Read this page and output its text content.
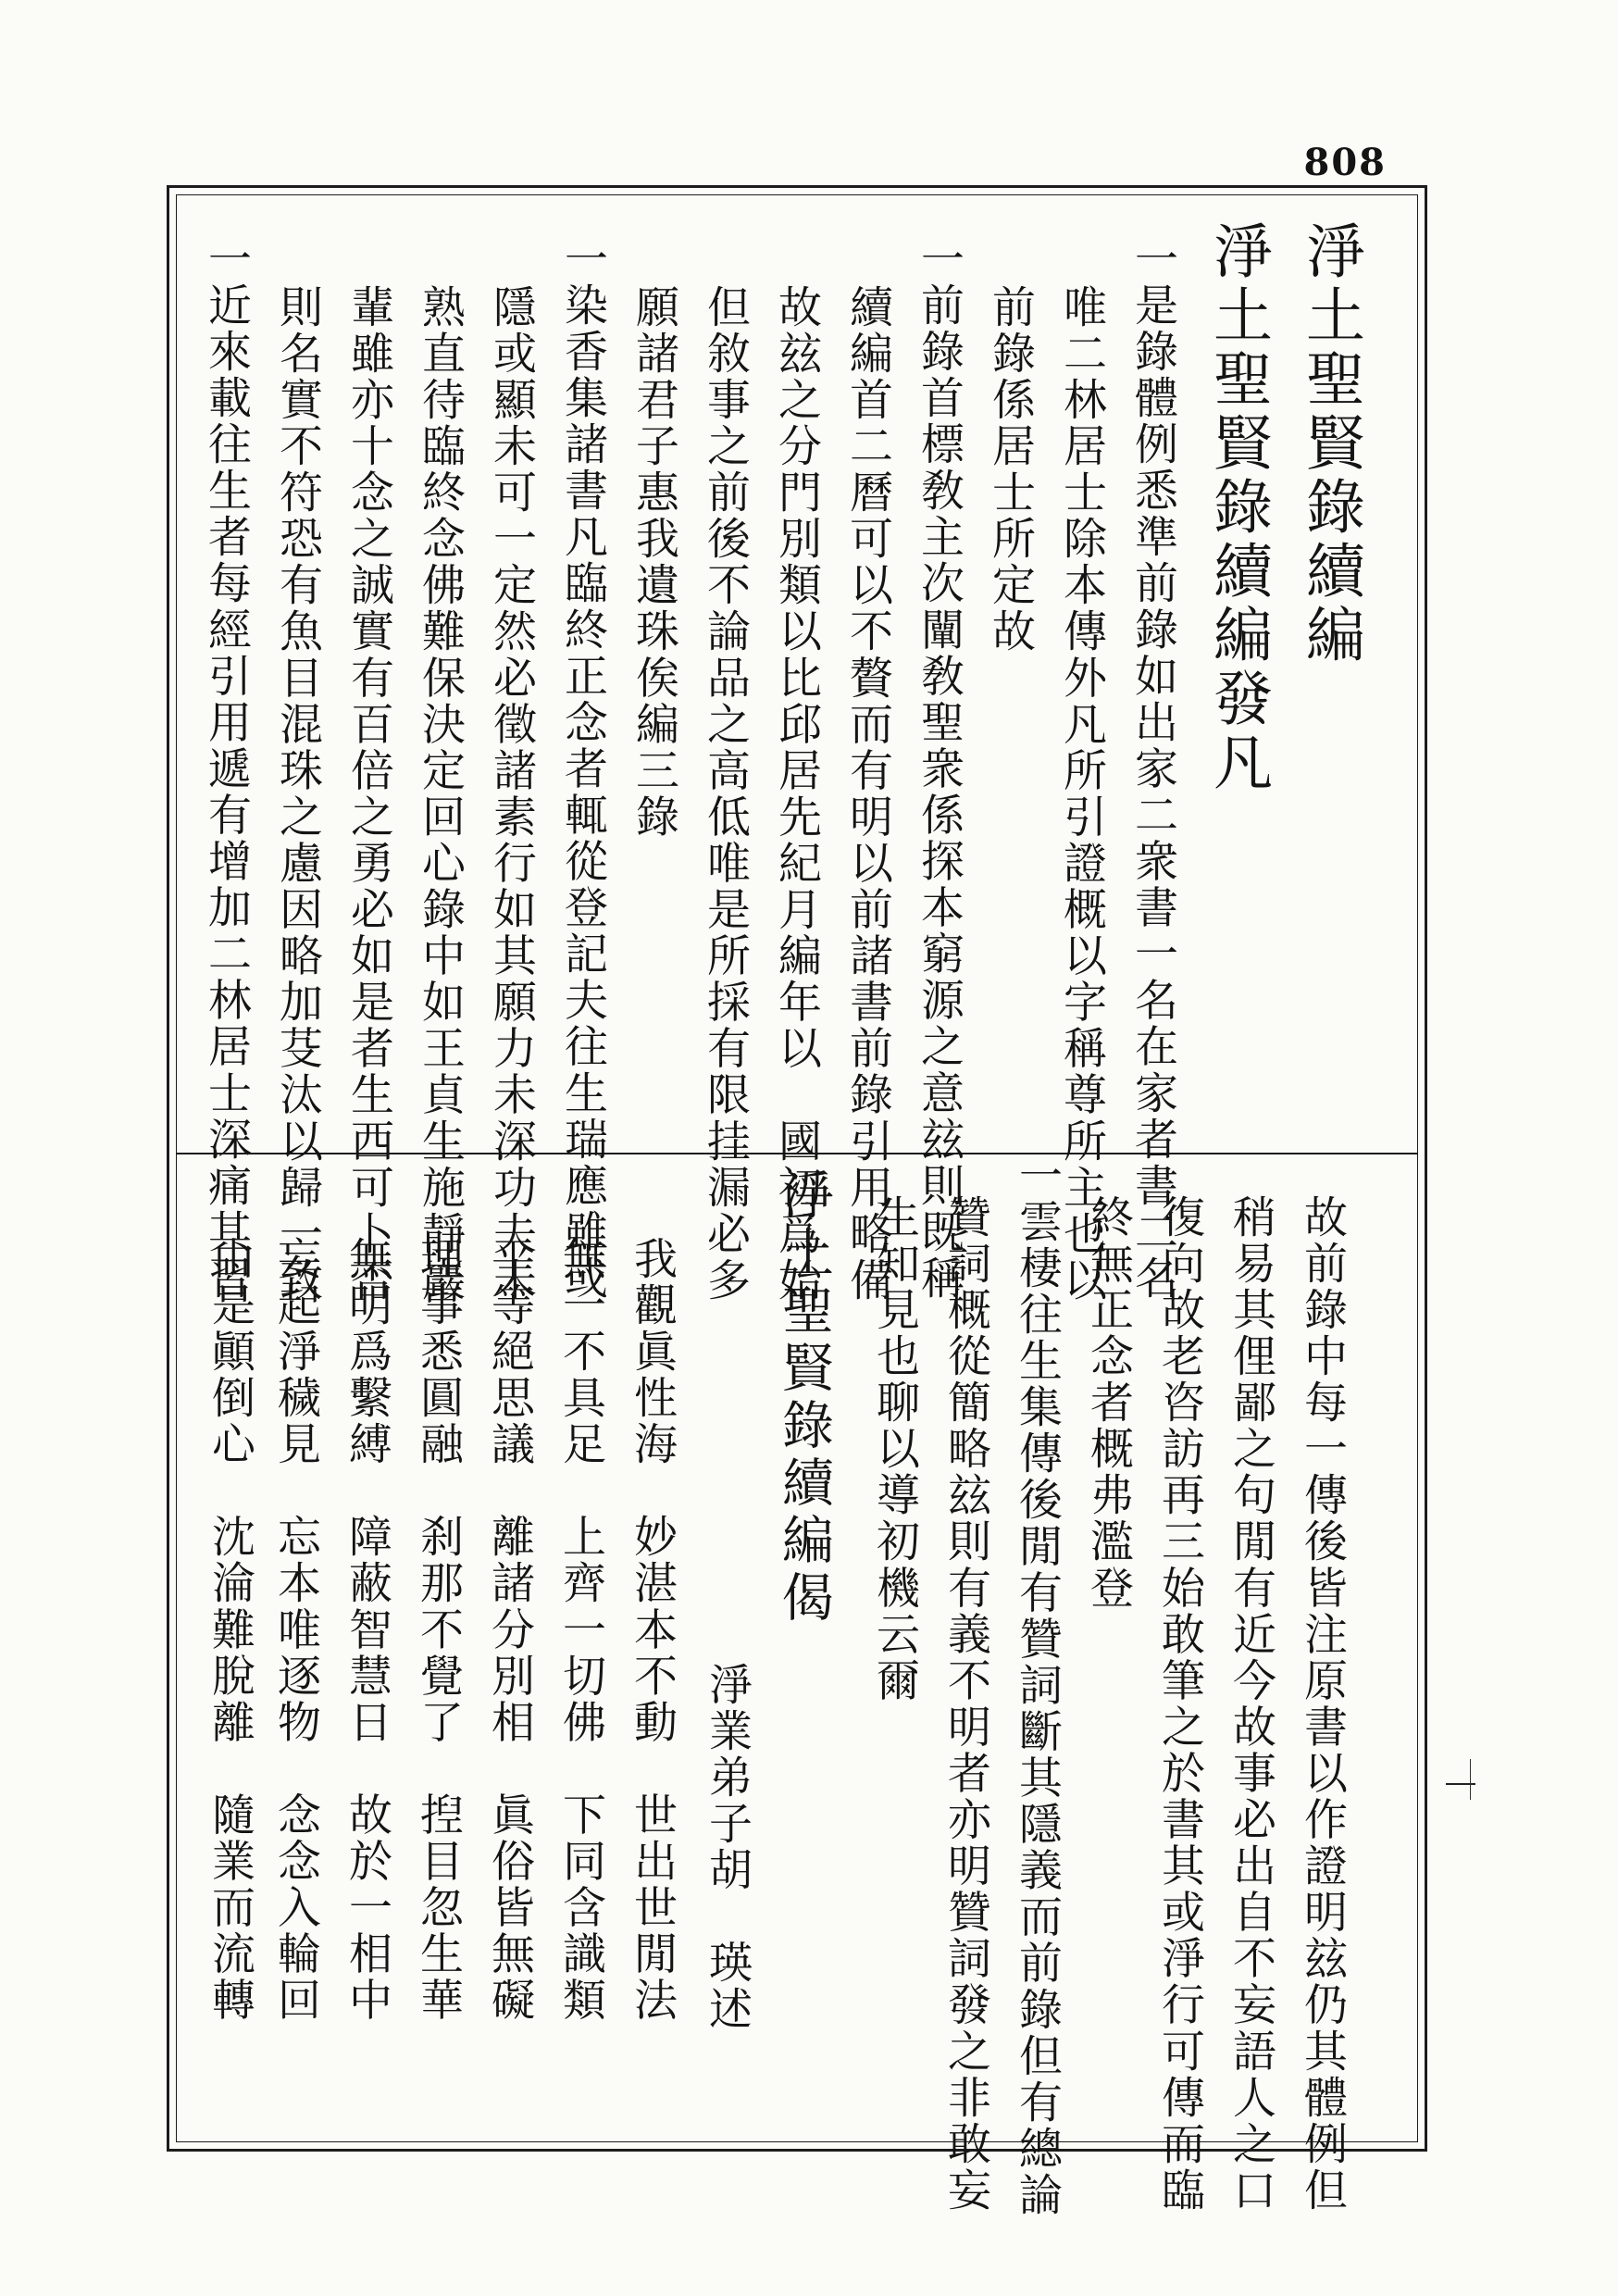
808

淨土聖賢錄續編

淨土聖賢錄續編發凡

一是錄體例悉準前錄如出家二衆書一名在家者書二名

唯二林居士除本傳外凡所引證概以字稱尊所主也以

前錄係居士所定故

一前錄首標敎主次闡敎聖衆係探本窮源之意玆則既稱

續編首二曆可以不贅而有明以前諸書前錄引用略備

故玆之分門別類以比邱居先紀月編年以　國初爲始

但敘事之前後不論品之高低唯是所採有限挂漏必多

願諸君子惠我遺珠俟編三錄

一染香集諸書凡臨終正念者輒從登記夫往生瑞應雖或

隱或顯未可一定然必徵諸素行如其願力未深功夫未

熟直待臨終念佛難保決定回心錄中如王貞生施靜巖

輩雖亦十念之誠實有百倍之勇必如是者生西可卜否

則名實不符恐有魚目混珠之慮因略加芟汰以歸一致

一近來載往生者每經引用遞有增加二林居士深痛其習

故前錄中每一傳後皆注原書以作證明玆仍其體例但

稍易其俚鄙之句閒有近今故事必出自不妄語人之口

復向故老咨訪再三始敢筆之於書其或淨行可傳而臨

終無正念者概弗濫登

一雲棲往生集傳後閒有贊詞斷其隱義而前錄但有總論

贊詞概從簡略玆則有義不明者亦明贊詞發之非敢妄

生知見也聊以導初機云爾

淨土聖賢錄續編偈

淨業弟子胡　瑛述

我觀眞性海　妙湛本不動　世出世閒法

無一不具足　上齊一切佛　下同含識類

平等絕思議　離諸分別相　眞俗皆無礙

理事悉圓融　刹那不覺了　揑目忽生華

無明爲繫縛　障蔽智慧日　故於一相中

妄起淨穢見　忘本唯逐物　念念入輪回

由是顚倒心　沈淪難脫離　隨業而流轉
